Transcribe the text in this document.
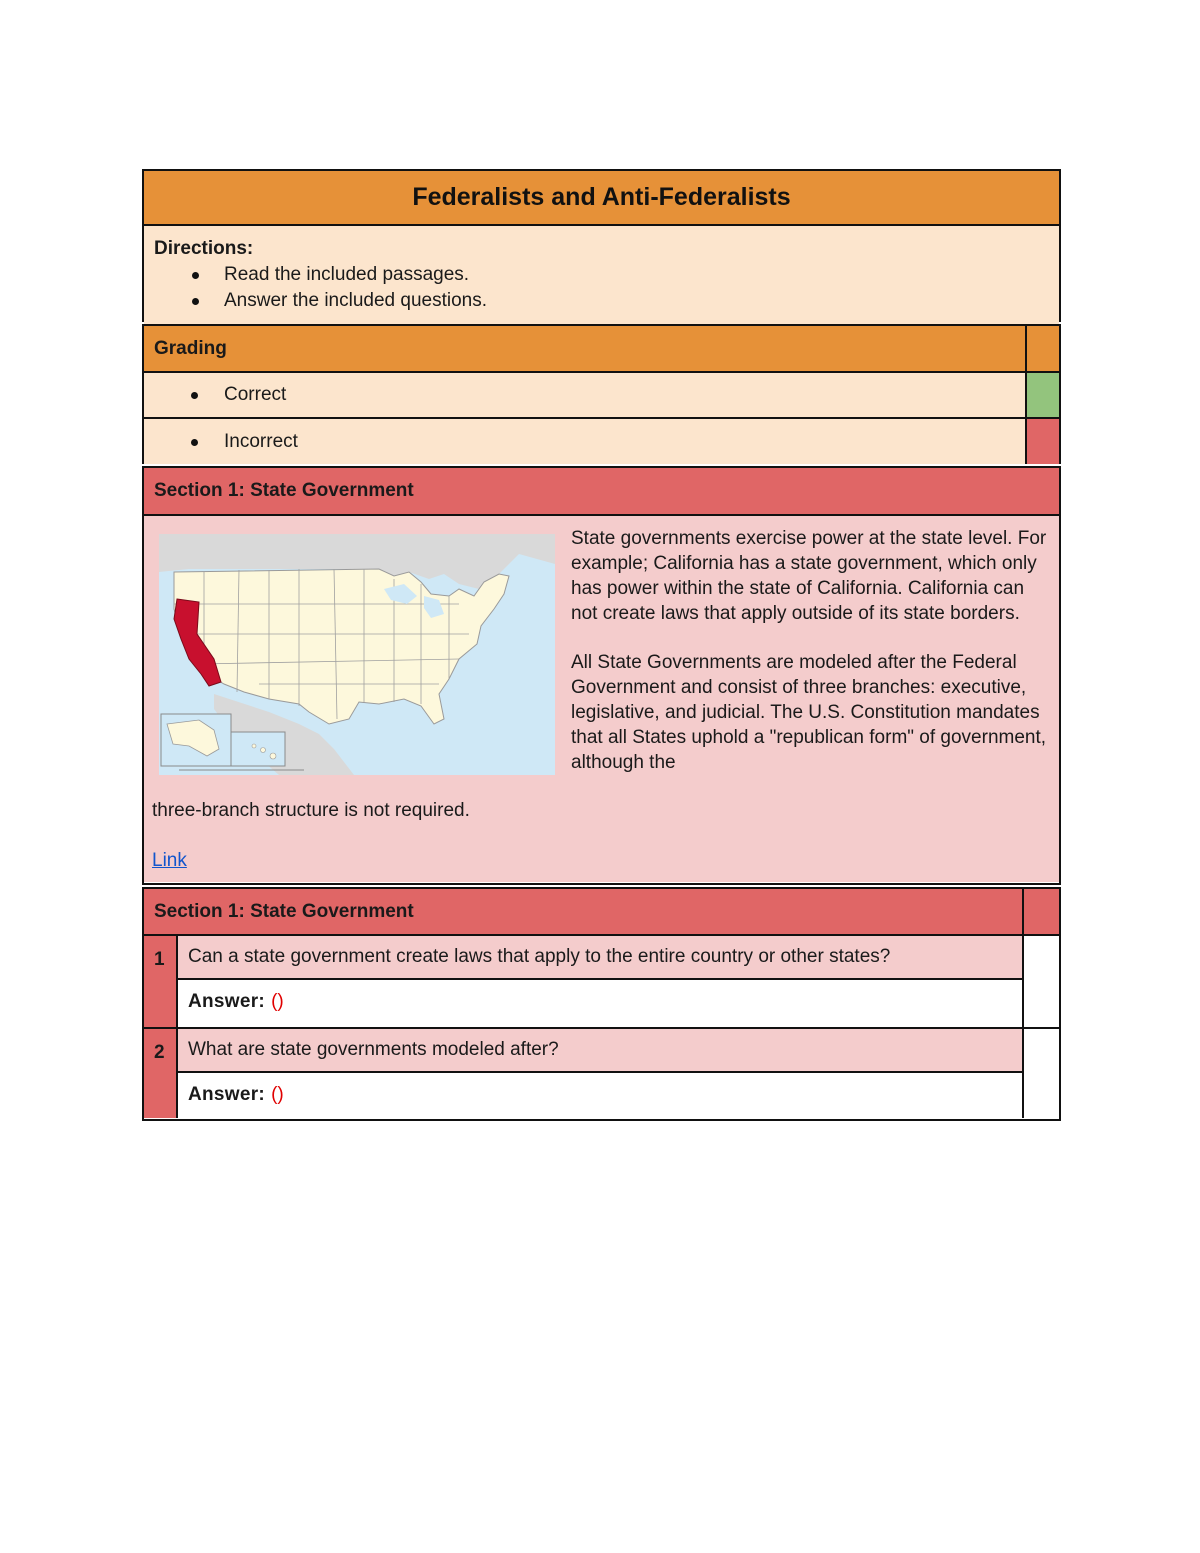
Federalists and Anti-Federalists
Directions:
Read the included passages.
Answer the included questions.
Grading
Correct
Incorrect
Section 1: State Government

State governments exercise power at the state level. For example; California has a state government, which only has power within the state of California. California can not create laws that apply outside of its state borders.

All State Governments are modeled after the Federal Government and consist of three branches: executive, legislative, and judicial. The U.S. Constitution mandates that all States uphold a "republican form" of government, although the

three-branch structure is not required.
Link
Section 1: State Government
1	Can a state government create laws that apply to the entire country or other states?
Answer: ()
2	What are state governments modeled after?
Answer: ()
